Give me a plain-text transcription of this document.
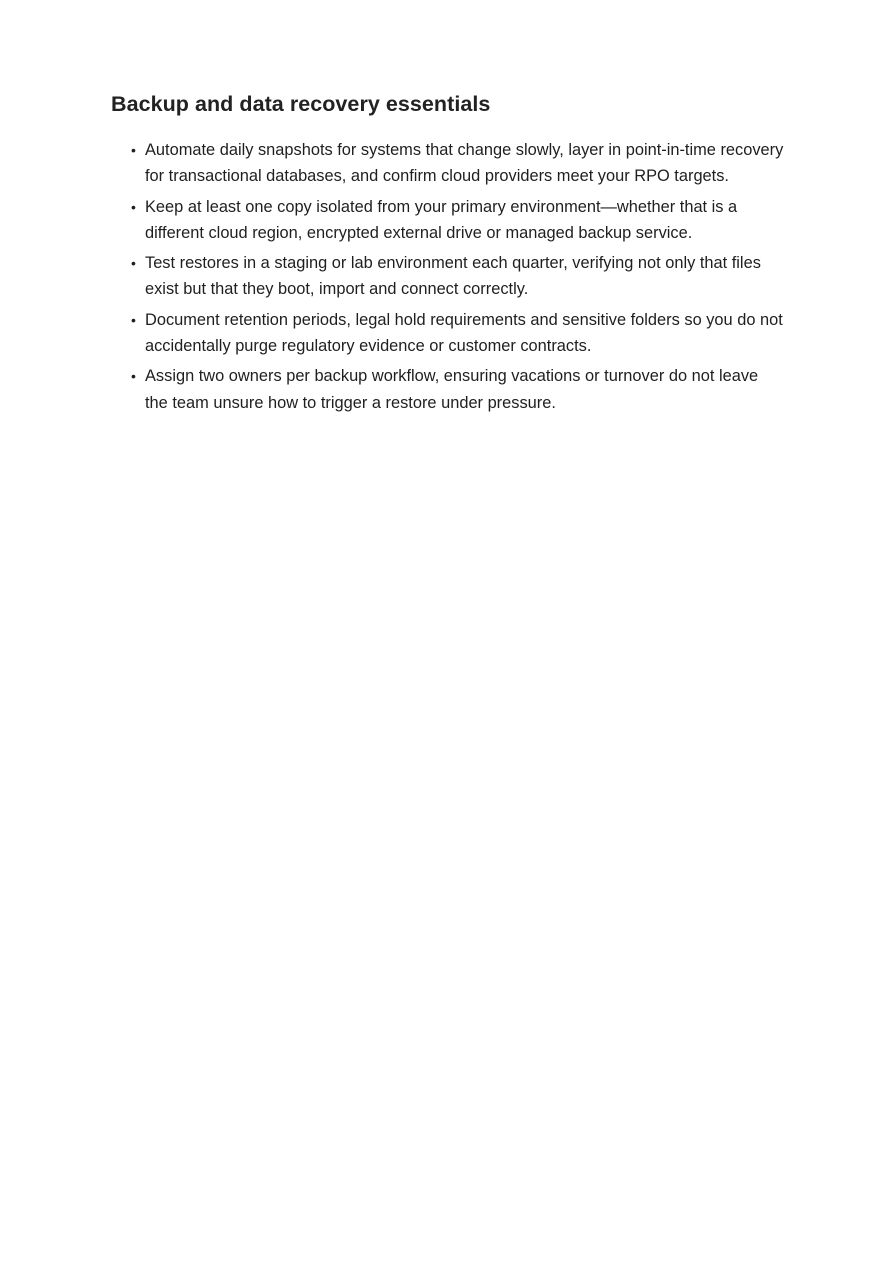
Backup and data recovery essentials
• Automate daily snapshots for systems that change slowly, layer in point-in-time recovery for transactional databases, and confirm cloud providers meet your RPO targets.
• Keep at least one copy isolated from your primary environment—whether that is a different cloud region, encrypted external drive or managed backup service.
• Test restores in a staging or lab environment each quarter, verifying not only that files exist but that they boot, import and connect correctly.
• Document retention periods, legal hold requirements and sensitive folders so you do not accidentally purge regulatory evidence or customer contracts.
• Assign two owners per backup workflow, ensuring vacations or turnover do not leave the team unsure how to trigger a restore under pressure.
